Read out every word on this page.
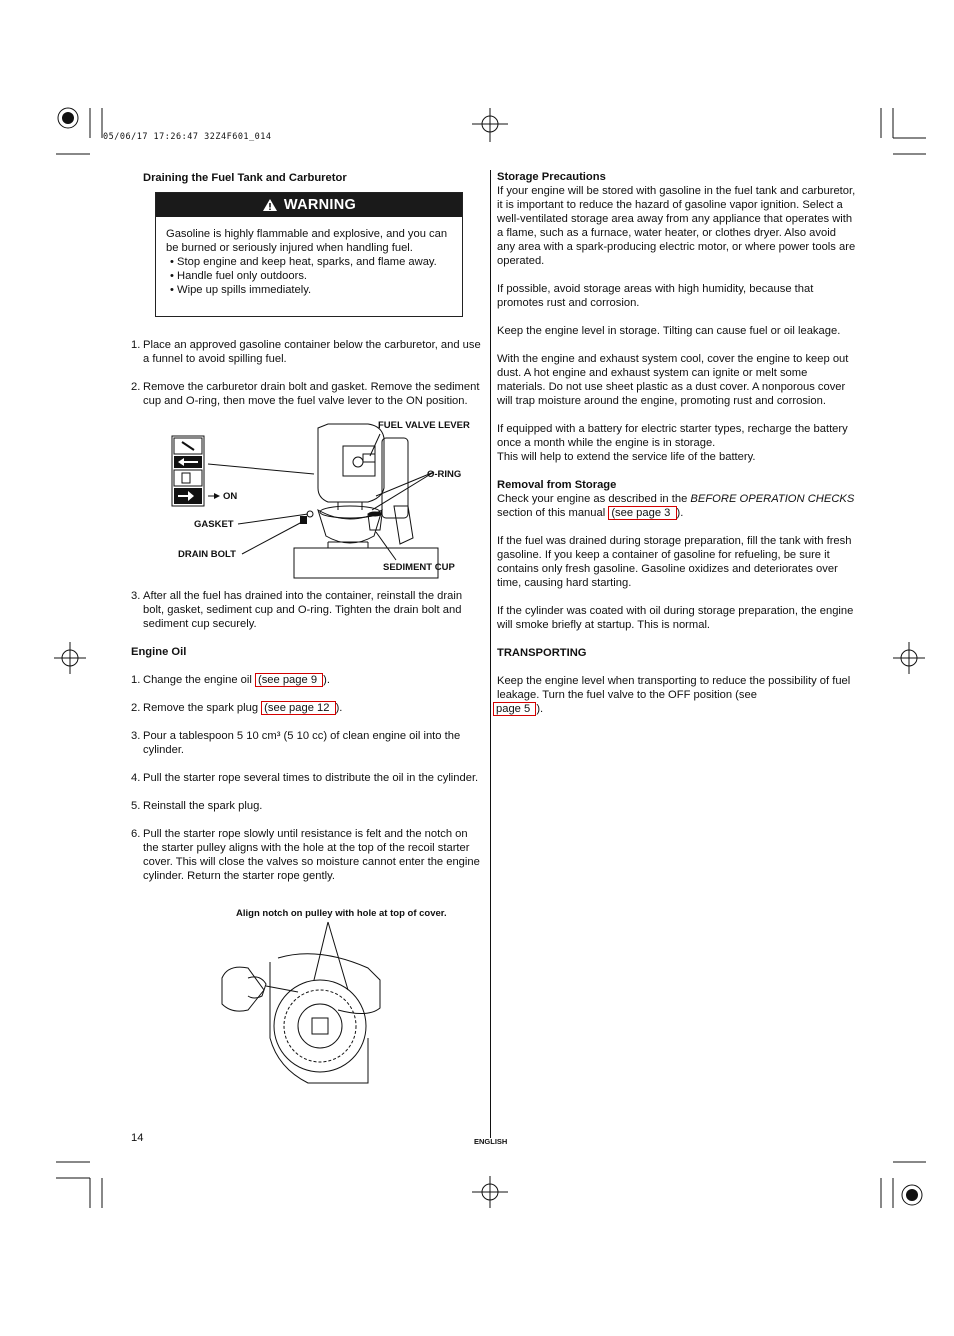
05/06/17 17:26:47 32Z4F601_014
Draining the Fuel Tank and Carburetor
WARNING

Gasoline is highly flammable and explosive, and you can be burned or seriously injured when handling fuel.

• Stop engine and keep heat, sparks, and flame away.
• Handle fuel only outdoors.
• Wipe up spills immediately.
1. Place an approved gasoline container below the carburetor, and use a funnel to avoid spilling fuel.
2. Remove the carburetor drain bolt and gasket. Remove the sediment cup and O-ring, then move the fuel valve lever to the ON position.
FUEL VALVE LEVER
O-RING
ON
GASKET
DRAIN BOLT
SEDIMENT CUP
3. After all the fuel has drained into the container, reinstall the drain bolt, gasket, sediment cup and O-ring. Tighten the drain bolt and sediment cup securely.
Engine Oil
1. Change the engine oil (see page 9 ).
2. Remove the spark plug (see page 12 ).
3. Pour a tablespoon 5 10 cm³ (5 10 cc) of clean engine oil into the cylinder.
4. Pull the starter rope several times to distribute the oil in the cylinder.
5. Reinstall the spark plug.
6. Pull the starter rope slowly until resistance is felt and the notch on the starter pulley aligns with the hole at the top of the recoil starter cover. This will close the valves so moisture cannot enter the engine cylinder. Return the starter rope gently.
Align notch on pulley with hole at top of cover.
Storage Precautions

If your engine will be stored with gasoline in the fuel tank and carburetor, it is important to reduce the hazard of gasoline vapor ignition. Select a well-ventilated storage area away from any appliance that operates with a flame, such as a furnace, water heater, or clothes dryer. Also avoid any area with a spark-producing electric motor, or where power tools are operated.

If possible, avoid storage areas with high humidity, because that promotes rust and corrosion.

Keep the engine level in storage. Tilting can cause fuel or oil leakage.

With the engine and exhaust system cool, cover the engine to keep out dust. A hot engine and exhaust system can ignite or melt some materials. Do not use sheet plastic as a dust cover. A nonporous cover will trap moisture around the engine, promoting rust and corrosion.

If equipped with a battery for electric starter types, recharge the battery once a month while the engine is in storage.

This will help to extend the service life of the battery.

Removal from Storage

Check your engine as described in the BEFORE OPERATION CHECKS section of this manual (see page 3 ).

If the fuel was drained during storage preparation, fill the tank with fresh gasoline. If you keep a container of gasoline for refueling, be sure it contains only fresh gasoline. Gasoline oxidizes and deteriorates over time, causing hard starting.

If the cylinder was coated with oil during storage preparation, the engine will smoke briefly at startup. This is normal.

TRANSPORTING

Keep the engine level when transporting to reduce the possibility of fuel leakage. Turn the fuel valve to the OFF position (see

page 5 ).

14	ENGLISH
